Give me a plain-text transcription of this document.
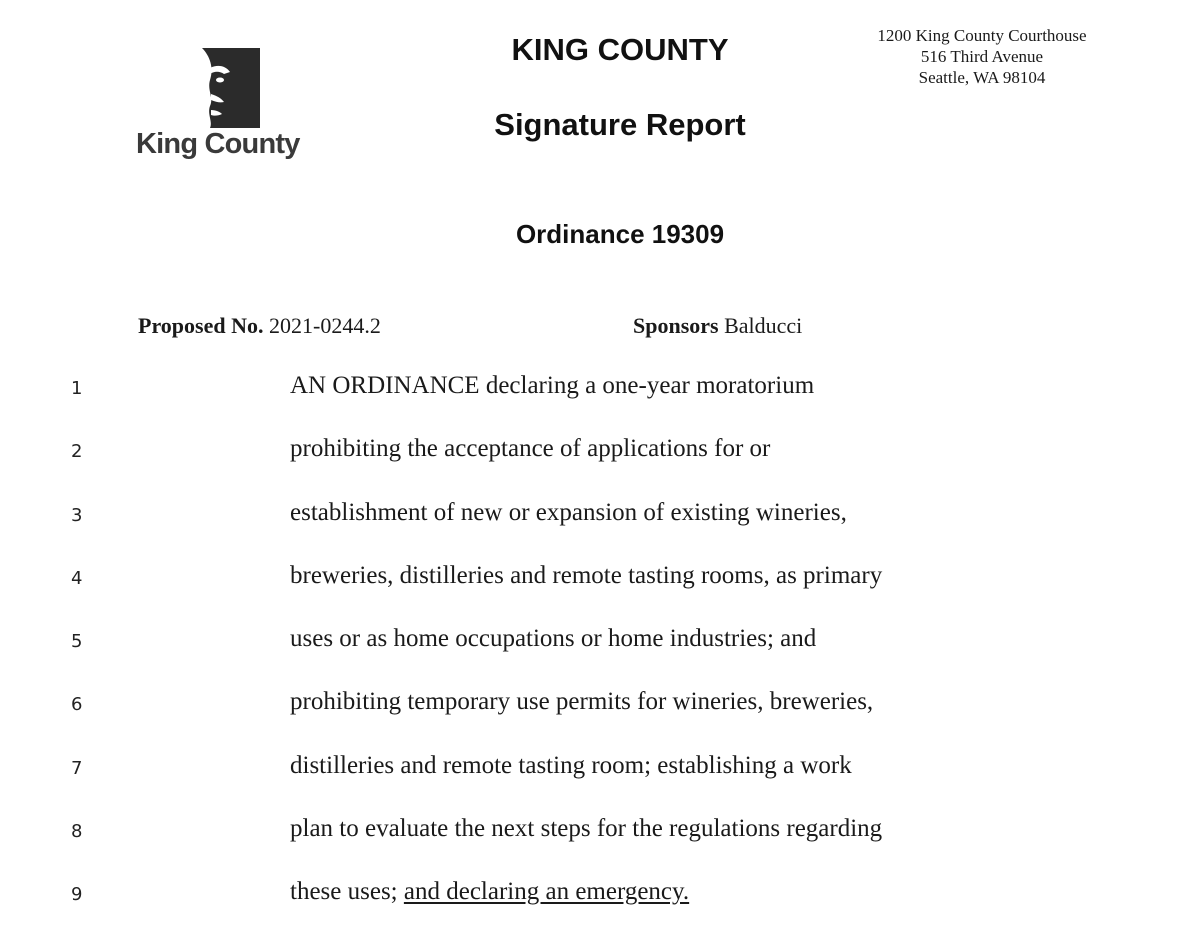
King County
KING COUNTY
Signature Report
Ordinance 19309
1200 King County Courthouse
516 Third Avenue
Seattle, WA 98104
Proposed No. 2021-0244.2	Sponsors Balducci
1	AN ORDINANCE declaring a one-year moratorium
2	prohibiting the acceptance of applications for or
3	establishment of new or expansion of existing wineries,
4	breweries, distilleries and remote tasting rooms, as primary
5	uses or as home occupations or home industries; and
6	prohibiting temporary use permits for wineries, breweries,
7	distilleries and remote tasting room; establishing a work
8	plan to evaluate the next steps for the regulations regarding
9	these uses; and declaring an emergency.
